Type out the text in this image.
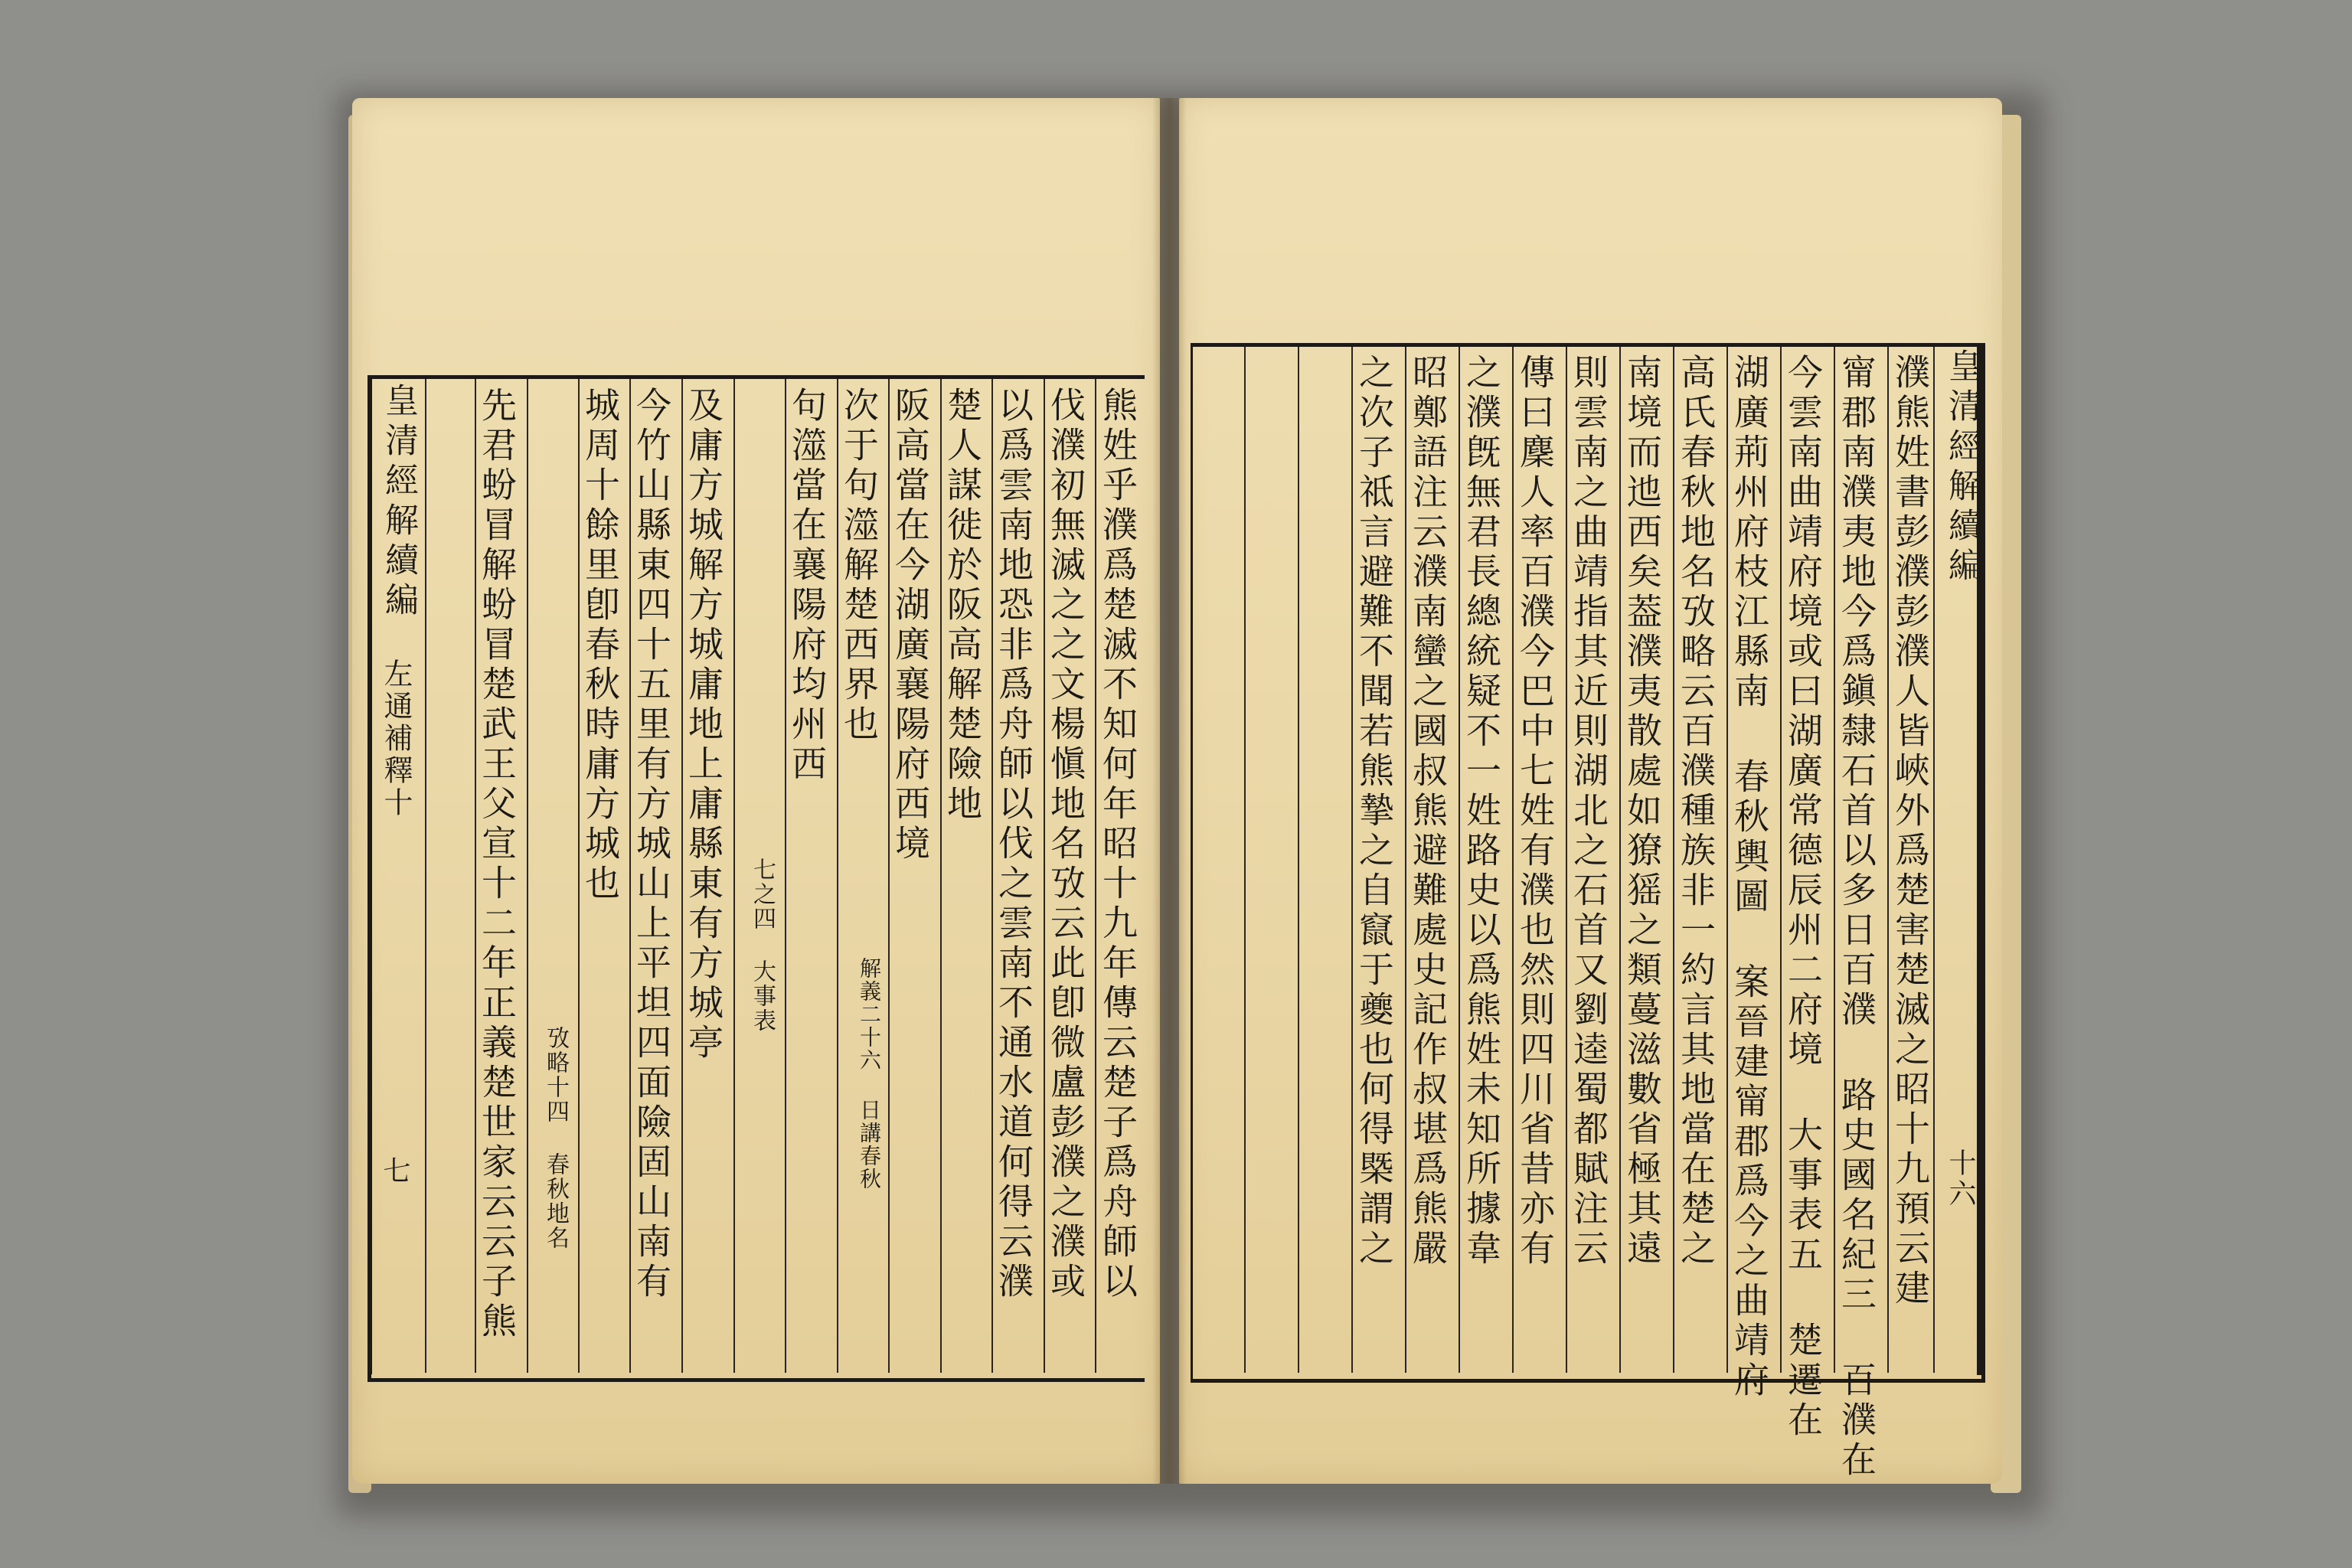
皇清經解續編
左通補釋十
七	熊姓乎濮爲楚滅不知何年昭十九年傳云楚子爲舟師以
伐濮初無滅之之文楊愼地名攷云此卽微盧彭濮之濮或
以爲雲南地恐非爲舟師以伐之雲南不通水道何得云濮
楚人謀徙於阪高解楚險地
阪高當在今湖廣襄陽府西境
解義二十六 日講春秋
次于句澨解楚西界也
句澨當在襄陽府均州西
七之四 大事表
及庸方城解方城庸地上庸縣東有方城亭
今竹山縣東四十五里有方城山上平坦四面險固山南有
城周十餘里卽春秋時庸方城也
攷略十四 春秋地名
先君蚡冒解蚡冒楚武王父宣十二年正義楚世家云云子熊	皇清經解續編
十六
濮熊姓書彭濮彭濮人皆峽外爲楚害楚滅之昭十九預云建
甯郡南濮夷地今爲鎭隸石首以多日百濮 路史國名紀三 百濮在
今雲南曲靖府境或曰湖廣常德辰州二府境 大事表五 楚遷在
湖廣荊州府枝江縣南 春秋輿圖 案晉建甯郡爲今之曲靖府
高氏春秋地名攷略云百濮種族非一約言其地當在楚之
南境而迆西矣葢濮夷散處如獠猺之類蔓滋數省極其遠
則雲南之曲靖指其近則湖北之石首又劉逵蜀都賦注云
傳曰麇人率百濮今巴中七姓有濮也然則四川省昔亦有
之濮旣無君長總統疑不一姓路史以爲熊姓未知所據韋
昭鄭語注云濮南蠻之國叔熊避難處史記作叔堪爲熊嚴
之次子祗言避難不聞若熊摯之自竄于夔也何得槩謂之
